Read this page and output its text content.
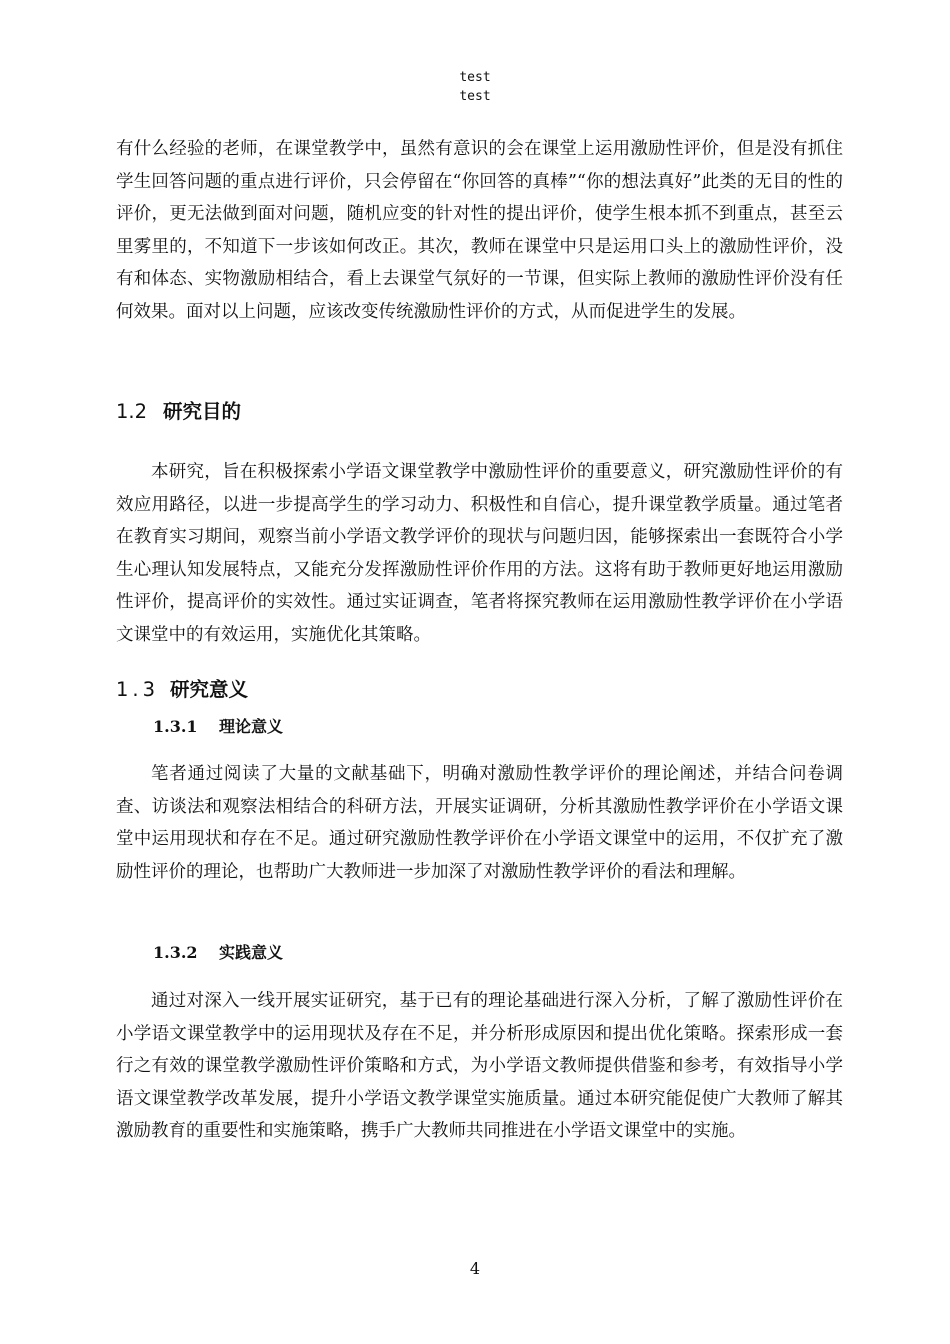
test
test

有什么经验的老师，在课堂教学中，虽然有意识的会在课堂上运用激励性评价，但是没有抓住学生回答问题的重点进行评价，只会停留在“你回答的真棒”“你的想法真好”此类的无目的性的评价，更无法做到面对问题，随机应变的针对性的提出评价，使学生根本抓不到重点，甚至云里雾里的，不知道下一步该如何改正。其次，教师在课堂中只是运用口头上的激励性评价，没有和体态、实物激励相结合，看上去课堂气氛好的一节课，但实际上教师的激励性评价没有任何效果。面对以上问题，应该改变传统激励性评价的方式，从而促进学生的发展。

1.2 研究目的

本研究，旨在积极探索小学语文课堂教学中激励性评价的重要意义，研究激励性评价的有效应用路径，以进一步提高学生的学习动力、积极性和自信心，提升课堂教学质量。通过笔者在教育实习期间，观察当前小学语文教学评价的现状与问题归因，能够探索出一套既符合小学生心理认知发展特点，又能充分发挥激励性评价作用的方法。这将有助于教师更好地运用激励性评价，提高评价的实效性。通过实证调查，笔者将探究教师在运用激励性教学评价在小学语文课堂中的有效运用，实施优化其策略。

1.3 研究意义
1.3.1 理论意义

笔者通过阅读了大量的文献基础下，明确对激励性教学评价的理论阐述，并结合问卷调查、访谈法和观察法相结合的科研方法，开展实证调研，分析其激励性教学评价在小学语文课堂中运用现状和存在不足。通过研究激励性教学评价在小学语文课堂中的运用，不仅扩充了激励性评价的理论，也帮助广大教师进一步加深了对激励性教学评价的看法和理解。

1.3.2 实践意义

通过对深入一线开展实证研究，基于已有的理论基础进行深入分析，了解了激励性评价在小学语文课堂教学中的运用现状及存在不足，并分析形成原因和提出优化策略。探索形成一套行之有效的课堂教学激励性评价策略和方式，为小学语文教师提供借鉴和参考，有效指导小学语文课堂教学改革发展，提升小学语文教学课堂实施质量。通过本研究能促使广大教师了解其激励教育的重要性和实施策略，携手广大教师共同推进在小学语文课堂中的实施。

4
